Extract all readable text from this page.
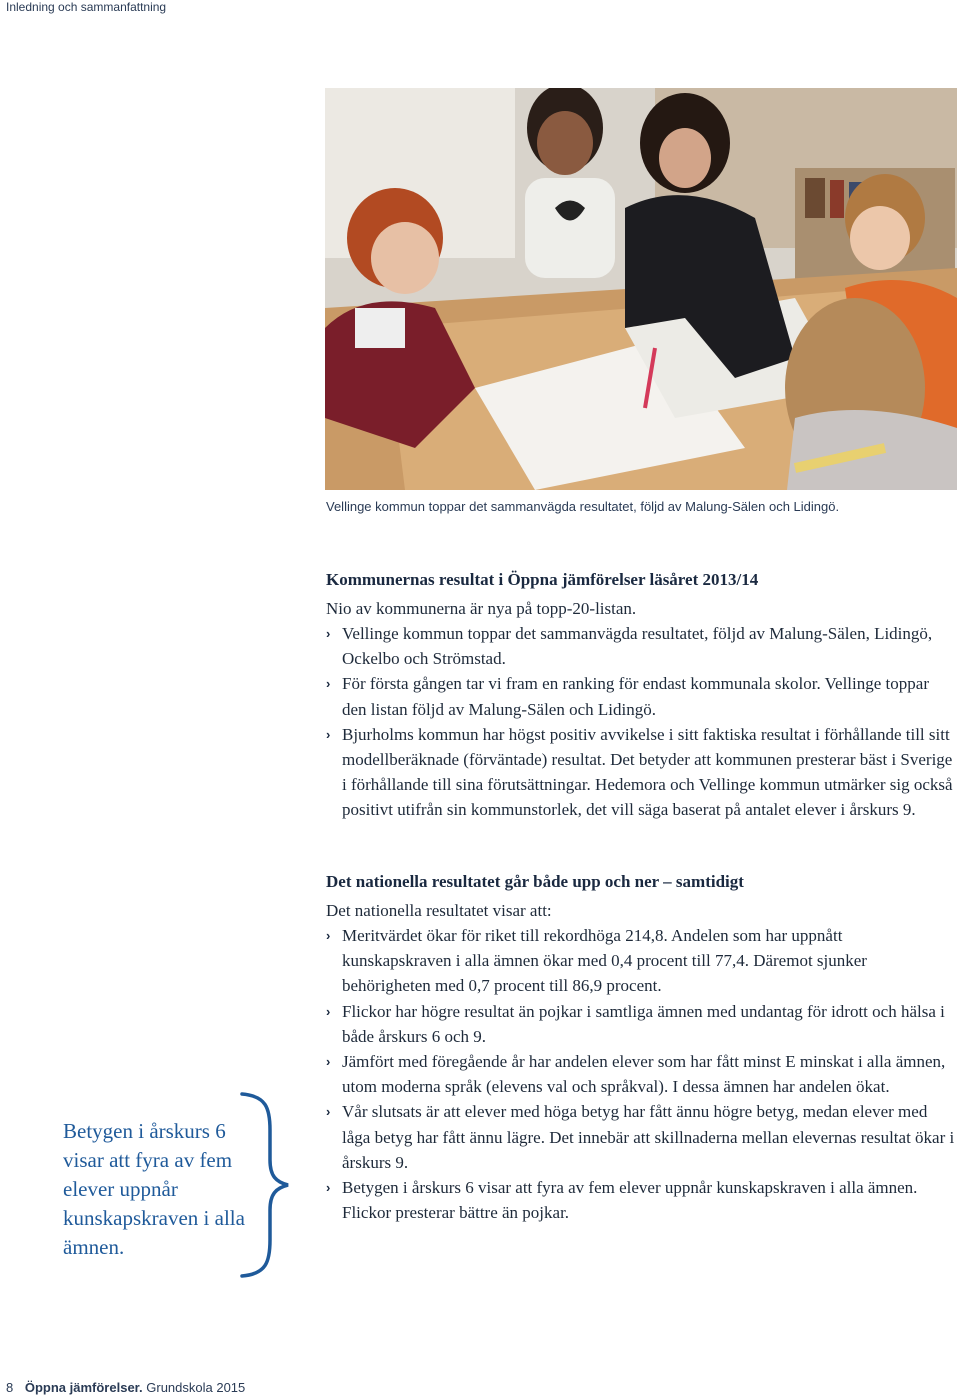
Inledning och sammanfattning
Vellinge kommun toppar det sammanvägda resultatet, följd av Malung-Sälen och Lidingö.
Kommunernas resultat i Öppna jämförelser läsåret 2013/14

Nio av kommunerna är nya på topp-20-listan.

› Vellinge kommun toppar det sammanvägda resultatet, följd av Malung-Sälen, Lidingö, Ockelbo och Strömstad.
› För första gången tar vi fram en ranking för endast kommunala skolor. Vellinge toppar den listan följd av Malung-Sälen och Lidingö.
› Bjurholms kommun har högst positiv avvikelse i sitt faktiska resultat i förhållande till sitt modellberäknade (förväntade) resultat. Det betyder att kommunen presterar bäst i Sverige i förhållande till sina förutsättningar. Hedemora och Vellinge kommun utmärker sig också positivt utifrån sin kommunstorlek, det vill säga baserat på antalet elever i årskurs 9.
Det nationella resultatet går både upp och ner – samtidigt

Det nationella resultatet visar att:

› Meritvärdet ökar för riket till rekordhöga 214,8. Andelen som har uppnått kunskapskraven i alla ämnen ökar med 0,4 procent till 77,4. Däremot sjunker behörigheten med 0,7 procent till 86,9 procent.
› Flickor har högre resultat än pojkar i samtliga ämnen med undantag för idrott och hälsa i både årskurs 6 och 9.
› Jämfört med föregående år har andelen elever som har fått minst E minskat i alla ämnen, utom moderna språk (elevens val och språkval). I dessa ämnen har andelen ökat.
› Vår slutsats är att elever med höga betyg har fått ännu högre betyg, medan elever med låga betyg har fått ännu lägre. Det innebär att skillnaderna mellan elevernas resultat ökar i årskurs 9.
› Betygen i årskurs 6 visar att fyra av fem elever uppnår kunskapskraven i alla ämnen. Flickor presterar bättre än pojkar.
Betygen i årskurs 6 visar att fyra av fem elever uppnår kunskapskraven i alla ämnen.
8 Öppna jämförelser. Grundskola 2015
